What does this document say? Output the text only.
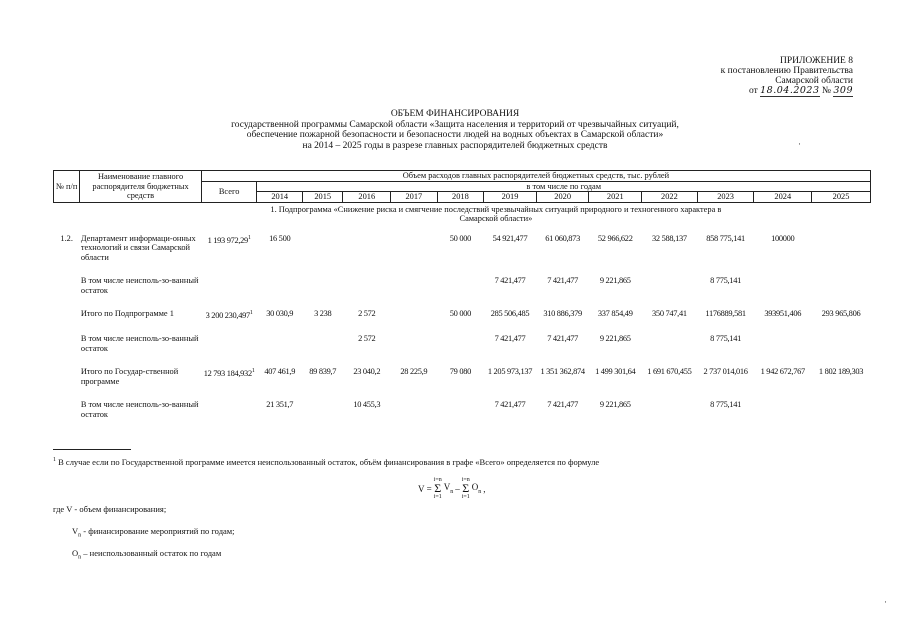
ПРИЛОЖЕНИЕ 8
к постановлению Правительства
Самарской области
от 18.04.2023 № 309
ОБЪЕМ ФИНАНСИРОВАНИЯ
государственной программы Самарской области «Защита населения и территорий от чрезвычайных ситуаций,
обеспечение пожарной безопасности и безопасности людей на водных объектах в Самарской области»
на 2014 – 2025 годы в разрезе главных распорядителей бюджетных средств
№ п/п	Наименование главного распорядителя бюджетных средств	Объем расходов главных распорядителей бюджетных средств, тыс. рублей												
		Всего	в том числе по годам											
			2014	2015	2016	2017	2018	2019	2020	2021	2022	2023	2024	2025
		1. Подпрограмма «Снижение риска и смягчение последствий чрезвычайных ситуаций природного и техногенного характера в Самарской области»												
1.2.	Департамент информаци-онных технологий и связи Самарской области	1 193 972,29$^1$	16 500				50 000	54 921,477	61 060,873	52 966,622	32 588,137	858 775,141	100000	
	В том числе неисполь-зо-ванный остаток							7 421,477	7 421,477	9 221,865		8 775,141		
	Итого по Подпрограмме 1	3 200 230,497$^1$	30 030,9	3 238	2 572		50 000	285 506,485	310 886,379	337 854,49	350 747,41	1176889,581	393951,406	293 965,806
	В том числе неисполь-зо-ванный остаток				2 572			7 421,477	7 421,477	9 221,865		8 775,141		
	Итого по Государ-ственной программе	12 793 184,932$^1$	407 461,9	89 839,7	23 040,2	28 225,9	79 080	1 205 973,137	1 351 362,874	1 499 301,64	1 691 670,455	2 737 014,016	1 942 672,767	1 802 189,303
	В том числе неисполь-зо-ванный остаток		21 351,7		10 455,3			7 421,477	7 421,477	9 221,865		8 775,141		
$^1$ В случае если по Государственной программе имеется неиспользованный остаток, объём финансирования в графе «Всего» определяется по формуле
V =
i=n
Σ
i=1
$V_n$ –
i=n
Σ
i=1
$O_n$ ,
где V - объем финансирования;
$V_n$ - финансирование мероприятий по годам;
$O_n$ – неиспользованный остаток по годам
·
·
